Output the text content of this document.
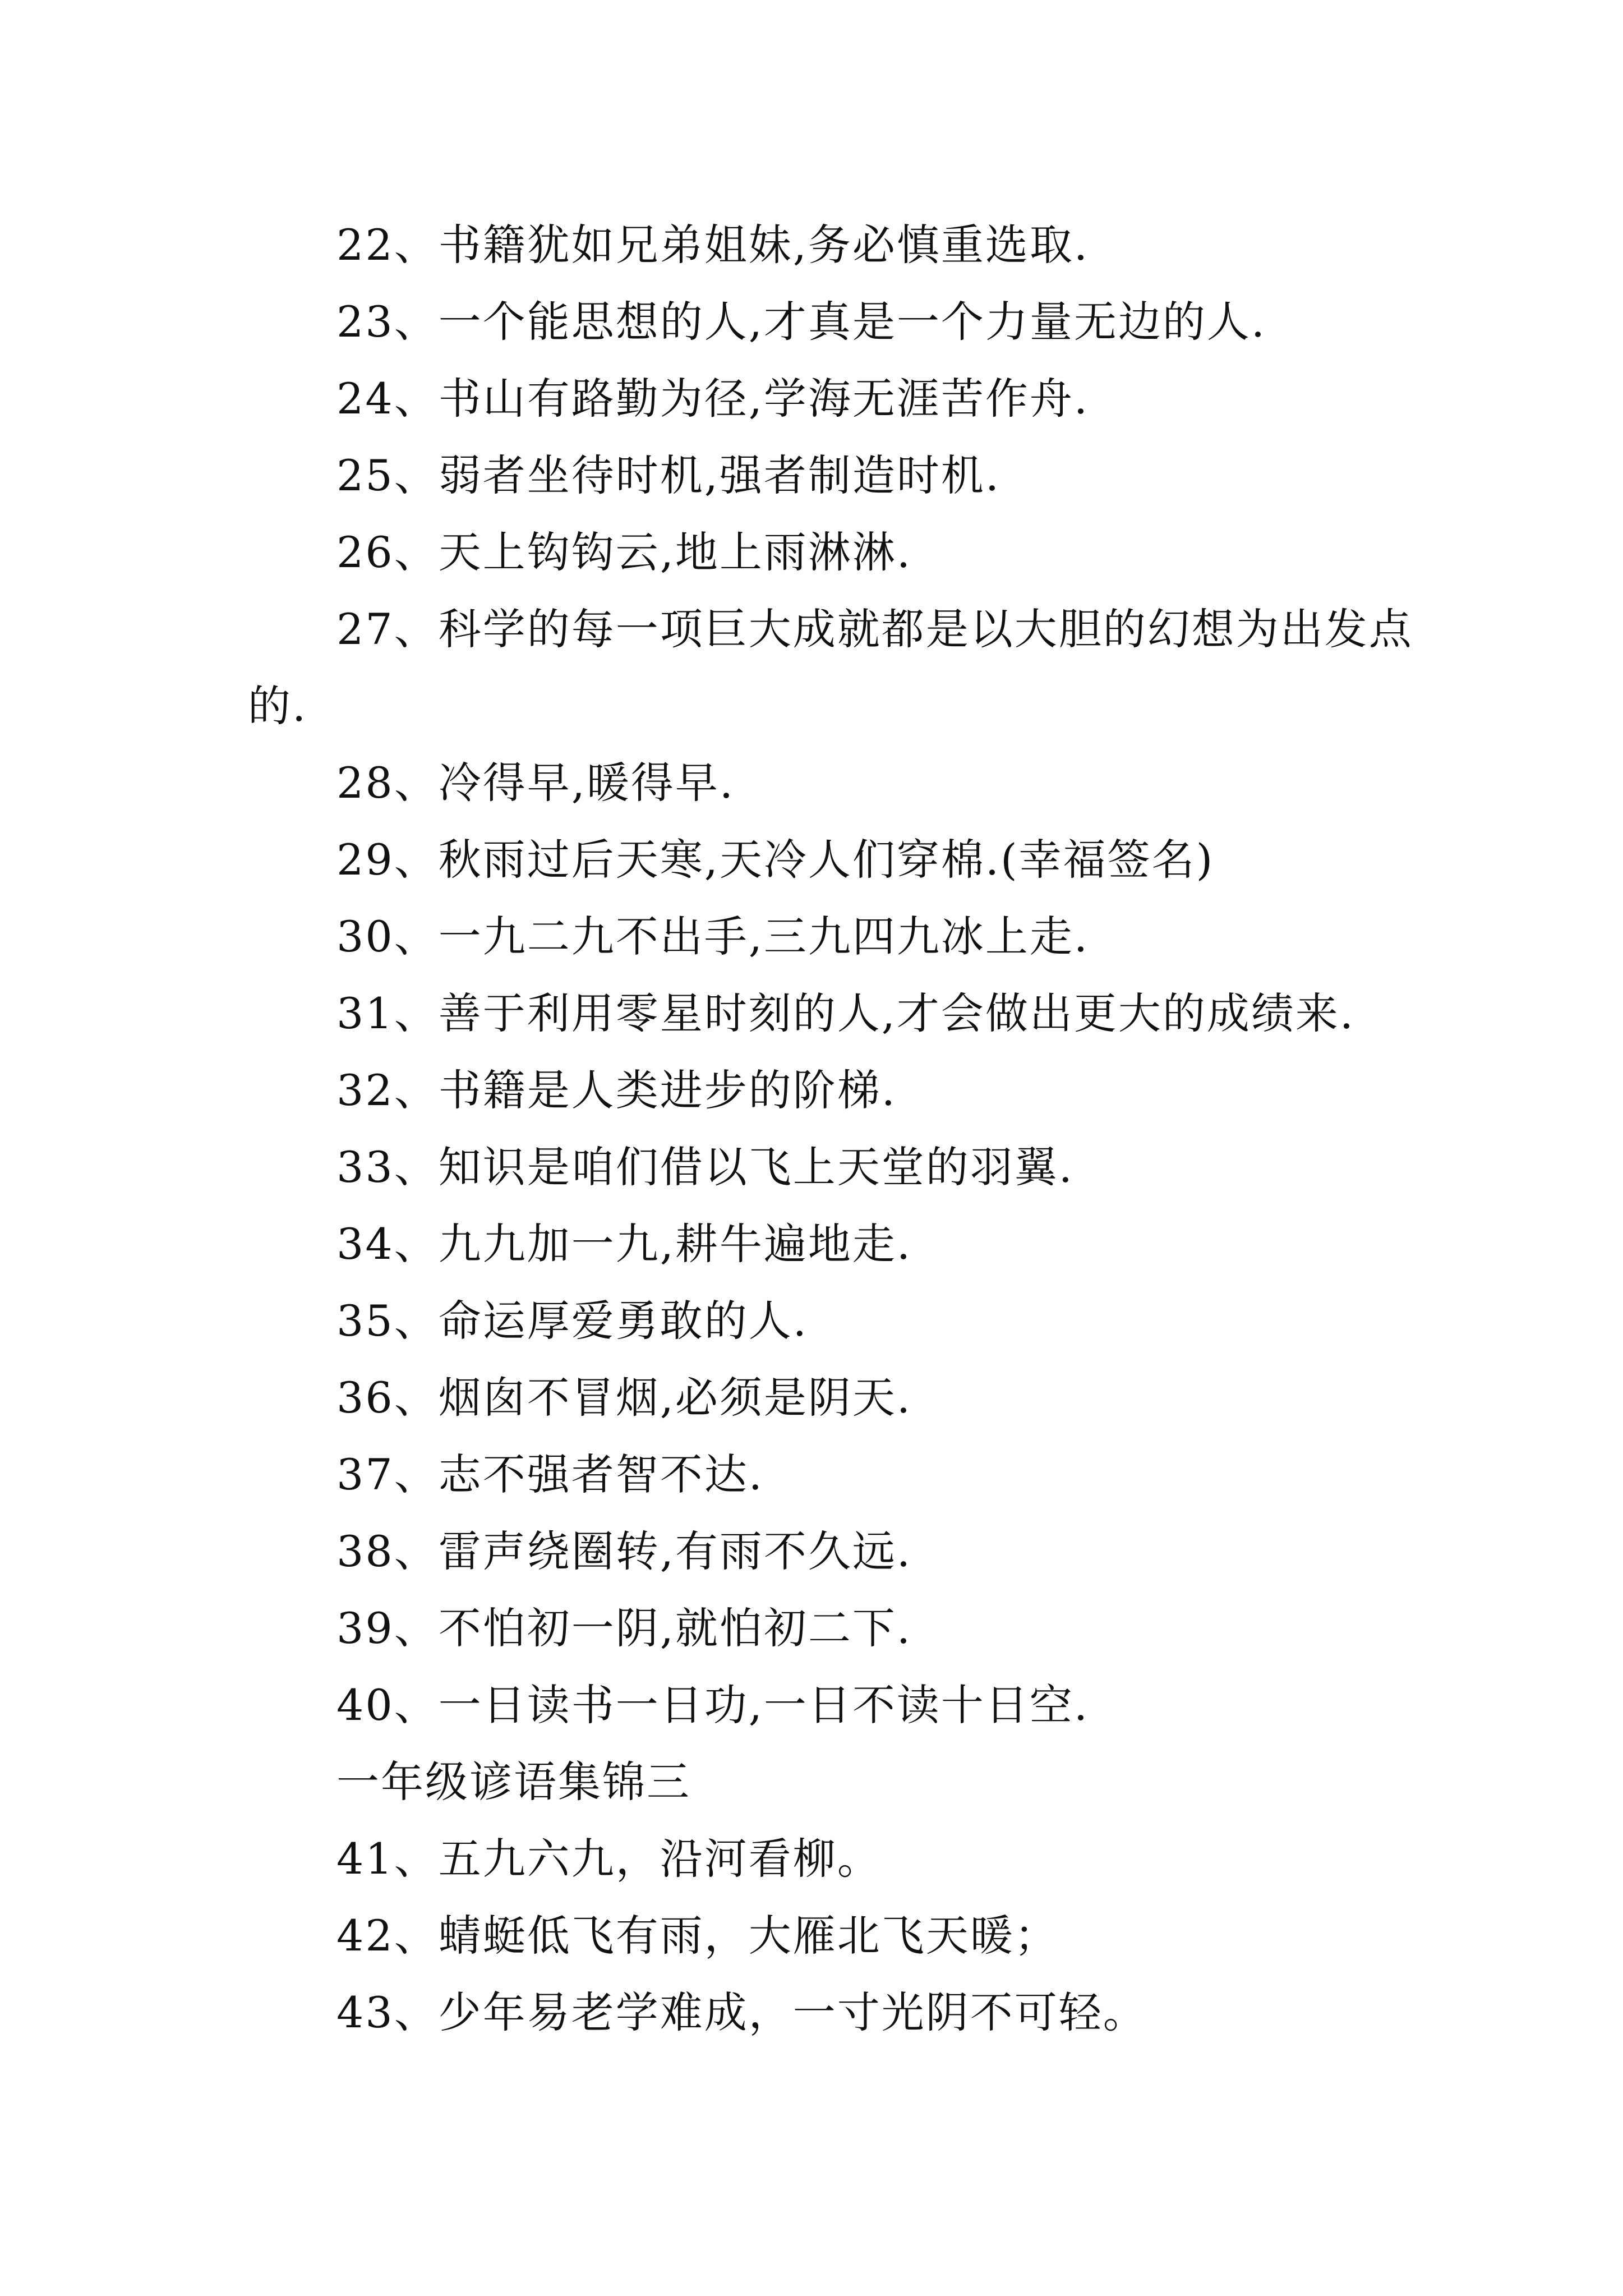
22、书籍犹如兄弟姐妹,务必慎重选取.
23、一个能思想的人,才真是一个力量无边的人.
24、书山有路勤为径,学海无涯苦作舟.
25、弱者坐待时机,强者制造时机.
26、天上钩钩云,地上雨淋淋.
27、科学的每一项巨大成就都是以大胆的幻想为出发点
的.
28、冷得早,暖得早.
29、秋雨过后天寒,天冷人们穿棉.(幸福签名)
30、一九二九不出手,三九四九冰上走.
31、善于利用零星时刻的人,才会做出更大的成绩来.
32、书籍是人类进步的阶梯.
33、知识是咱们借以飞上天堂的羽翼.
34、九九加一九,耕牛遍地走.
35、命运厚爱勇敢的人.
36、烟囱不冒烟,必须是阴天.
37、志不强者智不达.
38、雷声绕圈转,有雨不久远.
39、不怕初一阴,就怕初二下.
40、一日读书一日功,一日不读十日空.
一年级谚语集锦三
41、五九六九，沿河看柳。
42、蜻蜓低飞有雨，大雁北飞天暖；
43、少年易老学难成，一寸光阴不可轻。
